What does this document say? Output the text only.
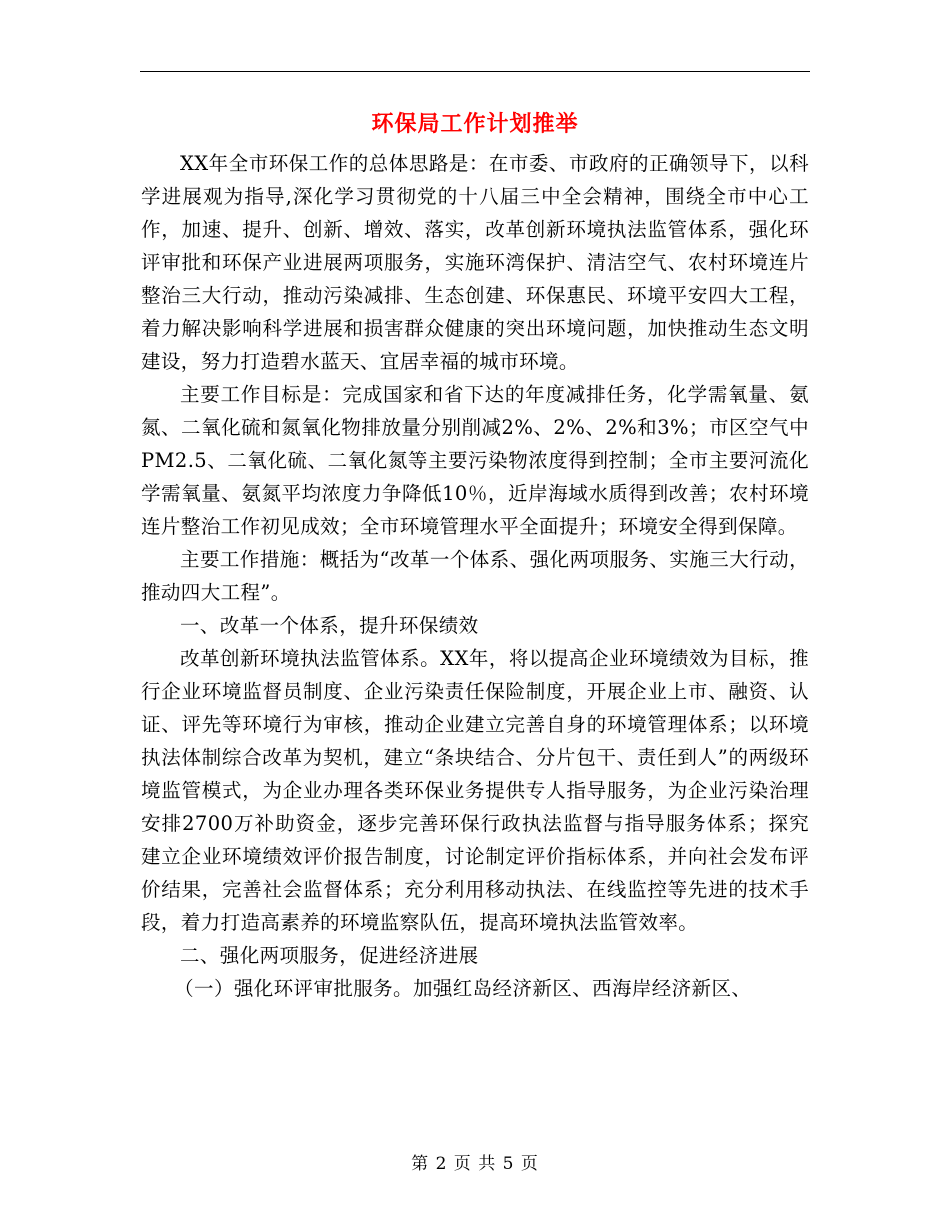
环保局工作计划推举

XX年全市环保工作的总体思路是：在市委、市政府的正确领导下，以科学进展观为指导,深化学习贯彻党的十八届三中全会精神，围绕全市中心工作，加速、提升、创新、增效、落实，改革创新环境执法监管体系，强化环评审批和环保产业进展两项服务，实施环湾保护、清洁空气、农村环境连片整治三大行动，推动污染减排、生态创建、环保惠民、环境平安四大工程，着力解决影响科学进展和损害群众健康的突出环境问题，加快推动生态文明建设，努力打造碧水蓝天、宜居幸福的城市环境。

主要工作目标是：完成国家和省下达的年度减排任务，化学需氧量、氨氮、二氧化硫和氮氧化物排放量分别削减2%、2%、2%和3%；市区空气中PM2.5、二氧化硫、二氧化氮等主要污染物浓度得到控制；全市主要河流化学需氧量、氨氮平均浓度力争降低10％，近岸海域水质得到改善；农村环境连片整治工作初见成效；全市环境管理水平全面提升；环境安全得到保障。

主要工作措施：概括为“改革一个体系、强化两项服务、实施三大行动，推动四大工程”。

一、改革一个体系，提升环保绩效

改革创新环境执法监管体系。XX年，将以提高企业环境绩效为目标，推行企业环境监督员制度、企业污染责任保险制度，开展企业上市、融资、认证、评先等环境行为审核，推动企业建立完善自身的环境管理体系；以环境执法体制综合改革为契机，建立“条块结合、分片包干、责任到人”的两级环境监管模式，为企业办理各类环保业务提供专人指导服务，为企业污染治理安排2700万补助资金，逐步完善环保行政执法监督与指导服务体系；探究建立企业环境绩效评价报告制度，讨论制定评价指标体系，并向社会发布评价结果，完善社会监督体系；充分利用移动执法、在线监控等先进的技术手段，着力打造高素养的环境监察队伍，提高环境执法监管效率。

二、强化两项服务，促进经济进展

（一）强化环评审批服务。加强红岛经济新区、西海岸经济新区、

第 2 页 共 5 页
